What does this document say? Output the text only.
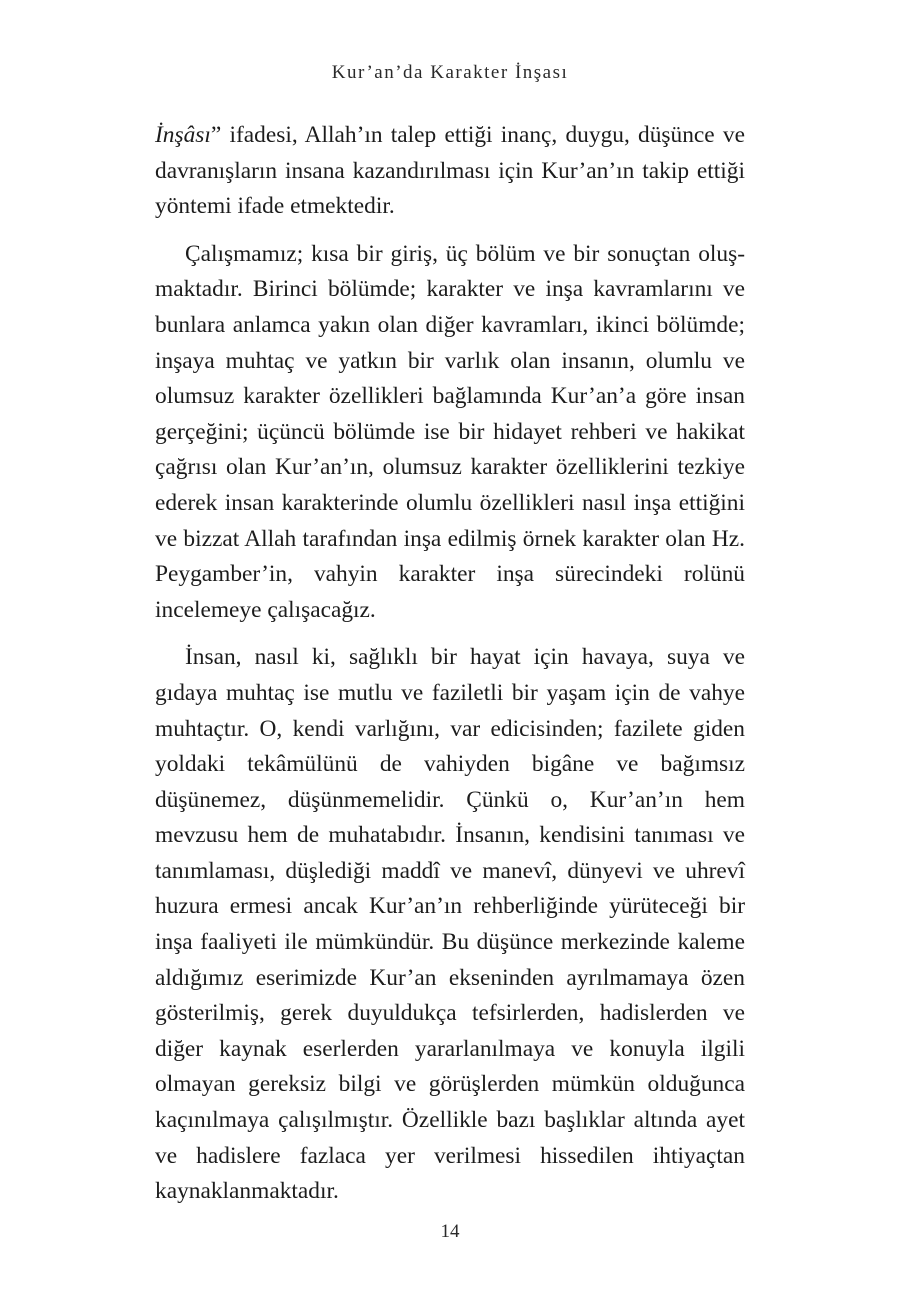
Kur’an’da Karakter İnşası

İnşâsı” ifadesi, Allah’ın talep ettiği inanç, duygu, düşünce ve davranışların insana kazandırılması için Kur’an’ın takip ettiği yöntemi ifade etmektedir.

Çalışmamız; kısa bir giriş, üç bölüm ve bir sonuçtan oluşmaktadır. Birinci bölümde; karakter ve inşa kavramlarını ve bunlara anlamca yakın olan diğer kavramları, ikinci bölümde; inşaya muhtaç ve yatkın bir varlık olan insanın, olumlu ve olumsuz karakter özellikleri bağlamında Kur’an’a göre insan gerçeğini; üçüncü bölümde ise bir hidayet rehberi ve hakikat çağrısı olan Kur’an’ın, olumsuz karakter özelliklerini tezkiye ederek insan karakterinde olumlu özellikleri nasıl inşa ettiğini ve bizzat Allah tarafından inşa edilmiş örnek karakter olan Hz. Peygamber’in, vahyin karakter inşa sürecindeki rolünü incelemeye çalışacağız.

İnsan, nasıl ki, sağlıklı bir hayat için havaya, suya ve gıdaya muhtaç ise mutlu ve faziletli bir yaşam için de vahye muhtaçtır. O, kendi varlığını, var edicisinden; fazilete giden yoldaki tekâmülünü de vahiyden bigâne ve bağımsız düşünemez, düşünmemelidir. Çünkü o, Kur’an’ın hem mevzusu hem de muhatabıdır. İnsanın, kendisini tanıması ve tanımlaması, düşlediği maddî ve manevî, dünyevi ve uhrevî huzura ermesi ancak Kur’an’ın rehberliğinde yürüteceği bir inşa faaliyeti ile mümkündür. Bu düşünce merkezinde kaleme aldığımız eserimizde Kur’an ekseninden ayrılmamaya özen gösterilmiş, gerek duyuldukça tefsirlerden, hadislerden ve diğer kaynak eserlerden yararlanılmaya ve konuyla ilgili olmayan gereksiz bilgi ve görüşlerden mümkün olduğunca kaçınılmaya çalışılmıştır. Özellikle bazı başlıklar altında ayet ve hadislere fazlaca yer verilmesi hissedilen ihtiyaçtan kaynaklanmaktadır.

14
